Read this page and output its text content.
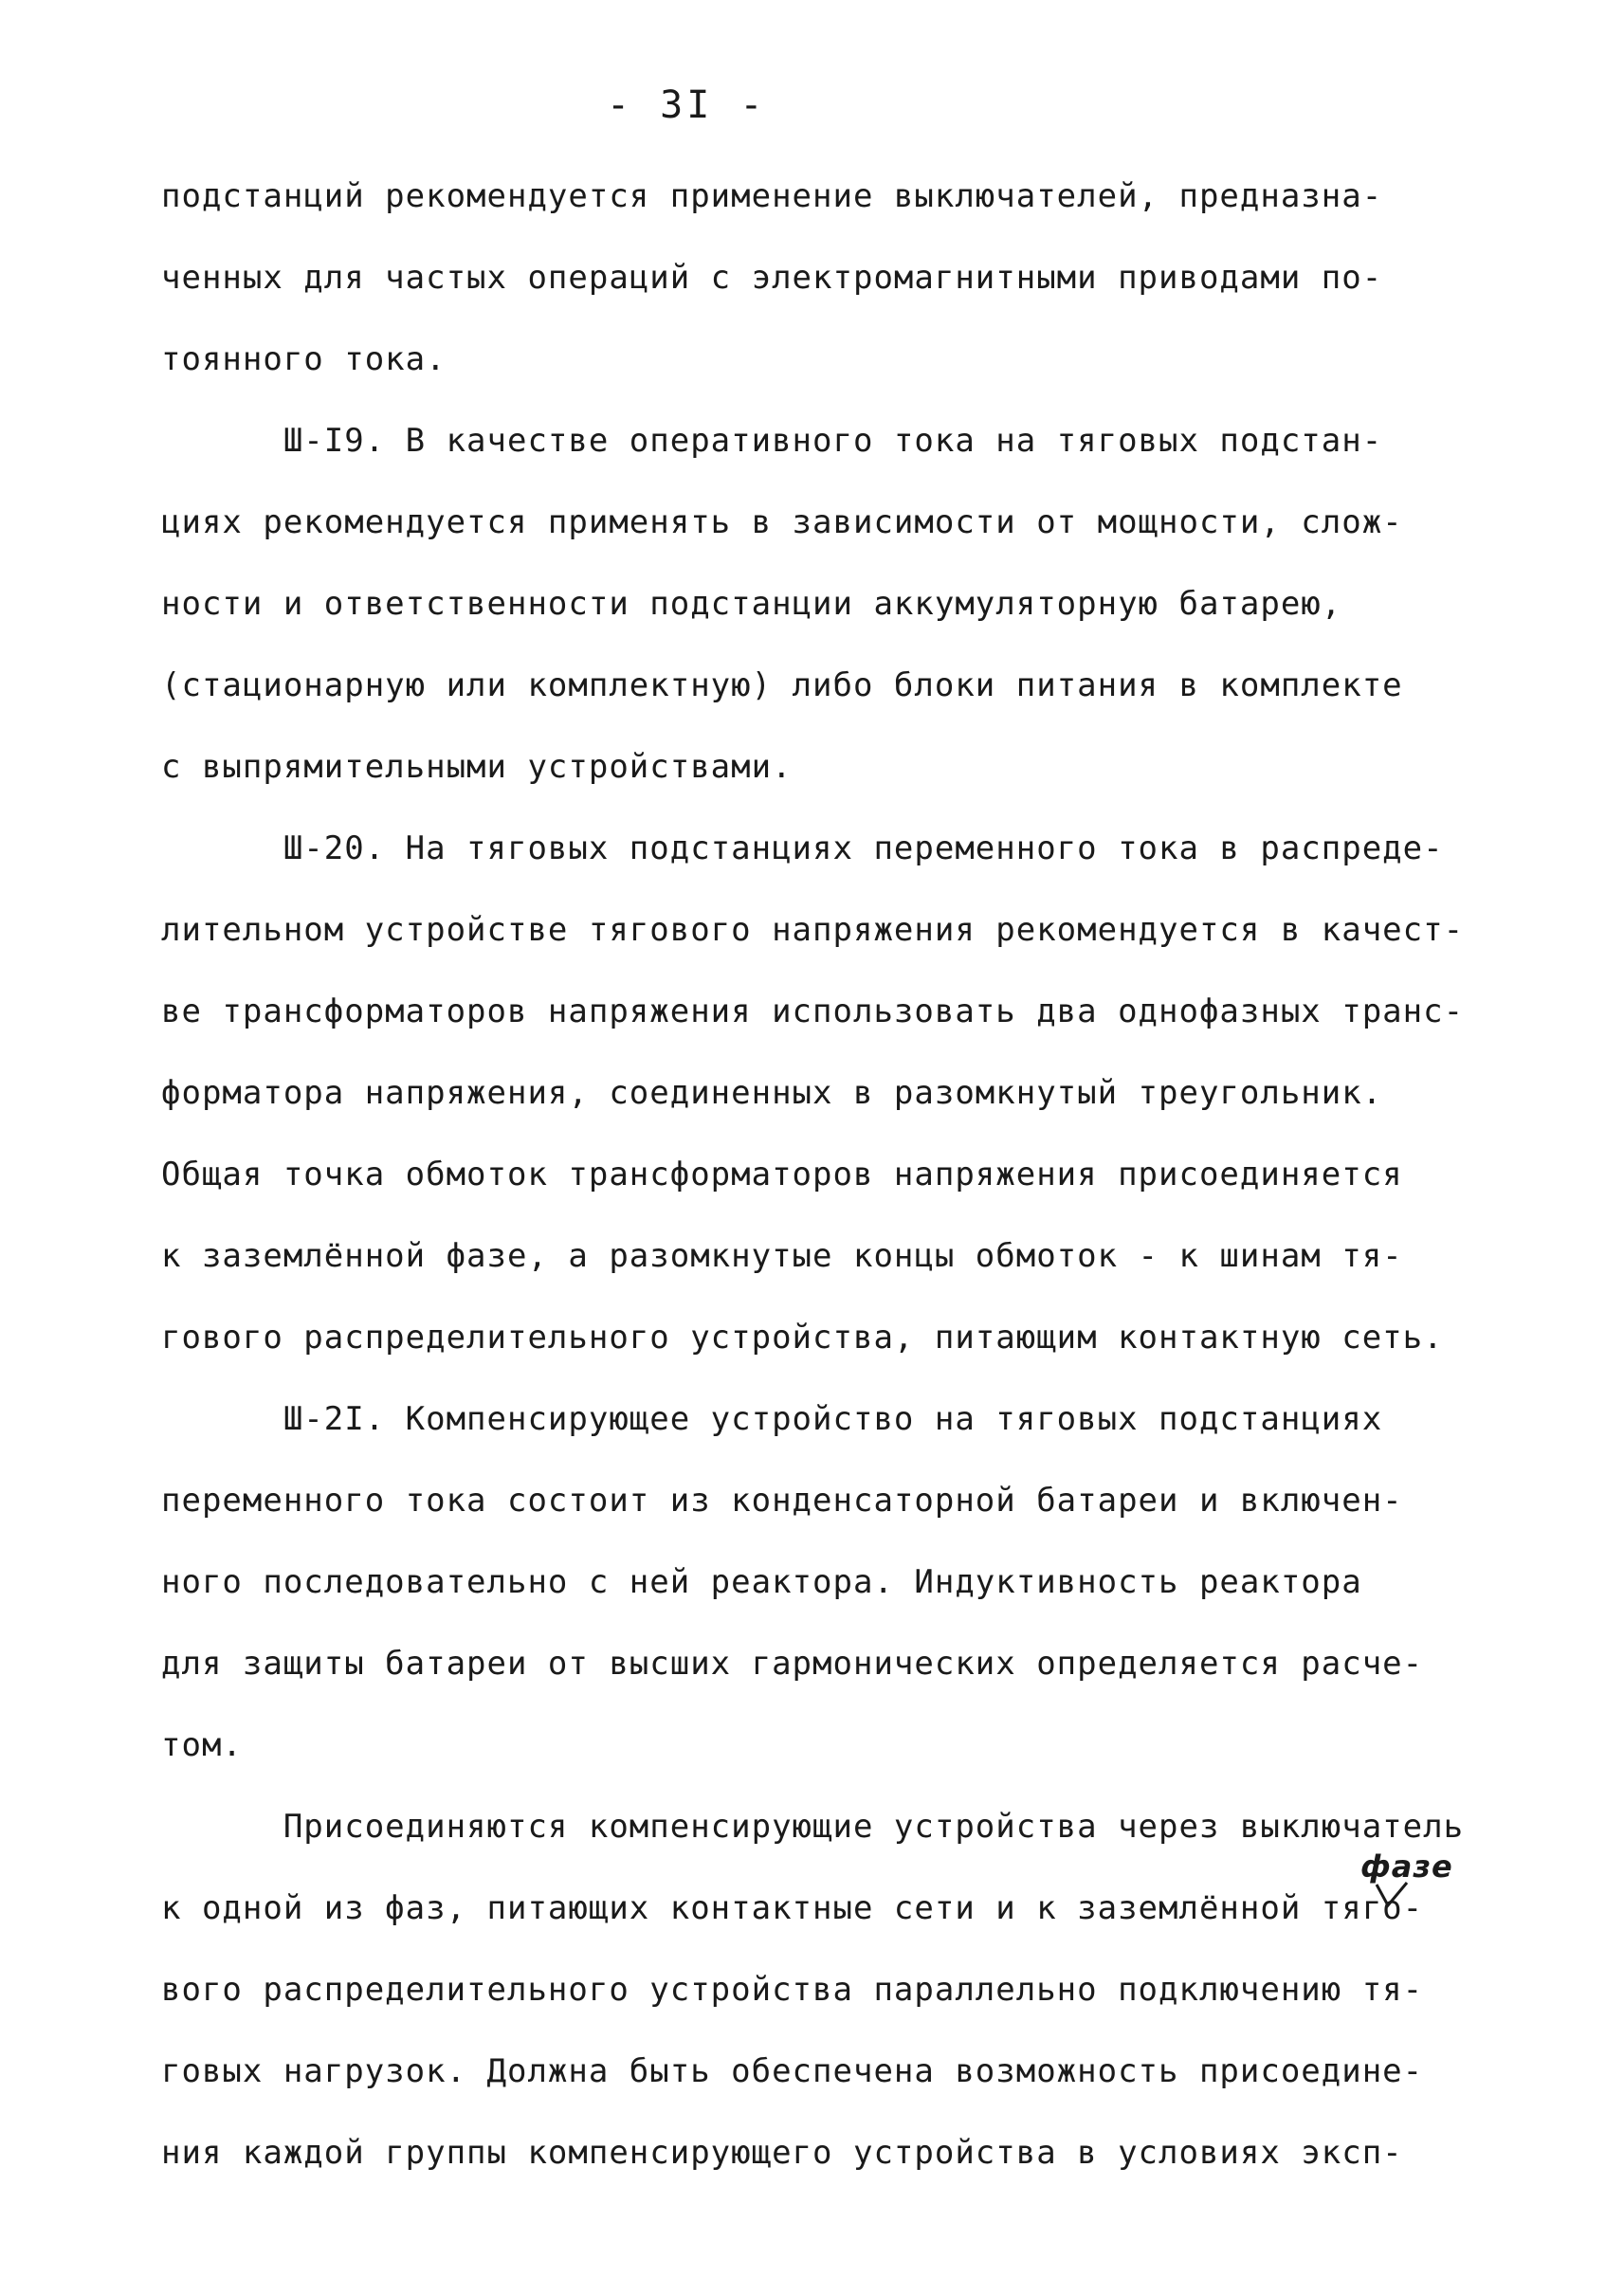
- 3I -
подстанций рекомендуется применение выключателей, предназна-
ченных для частых операций с электромагнитными приводами по-
тоянного тока.
Ш-I9. В качестве оперативного тока на тяговых подстан-
циях рекомендуется применять в зависимости от мощности, слож-
ности и ответственности подстанции аккумуляторную батарею,
(стационарную или комплектную) либо блоки питания в комплекте
с выпрямительными устройствами.
Ш-20. На тяговых подстанциях переменного тока в распреде-
лительном устройстве тягового напряжения рекомендуется в качест-
ве трансформаторов напряжения использовать два однофазных транс-
форматора напряжения, соединенных в разомкнутый треугольник.
Общая точка обмоток трансформаторов напряжения присоединяется
к заземлённой фазе, а разомкнутые концы обмоток - к шинам тя-
гового распределительного устройства, питающим контактную сеть.
Ш-2I. Компенсирующее устройство на тяговых подстанциях
переменного тока состоит из конденсаторной батареи и включен-
ного последовательно с ней реактора. Индуктивность реактора
для защиты батареи от высших гармонических определяется расче-
том.
Присоединяются компенсирующие устройства через выключатель
к одной из фаз, питающих контактные сети и к заземлённой тяго-
вого распределительного устройства параллельно подключению тя-
говых нагрузок. Должна быть обеспечена возможность присоедине-
ния каждой группы компенсирующего устройства в условиях эксп-
фазе
